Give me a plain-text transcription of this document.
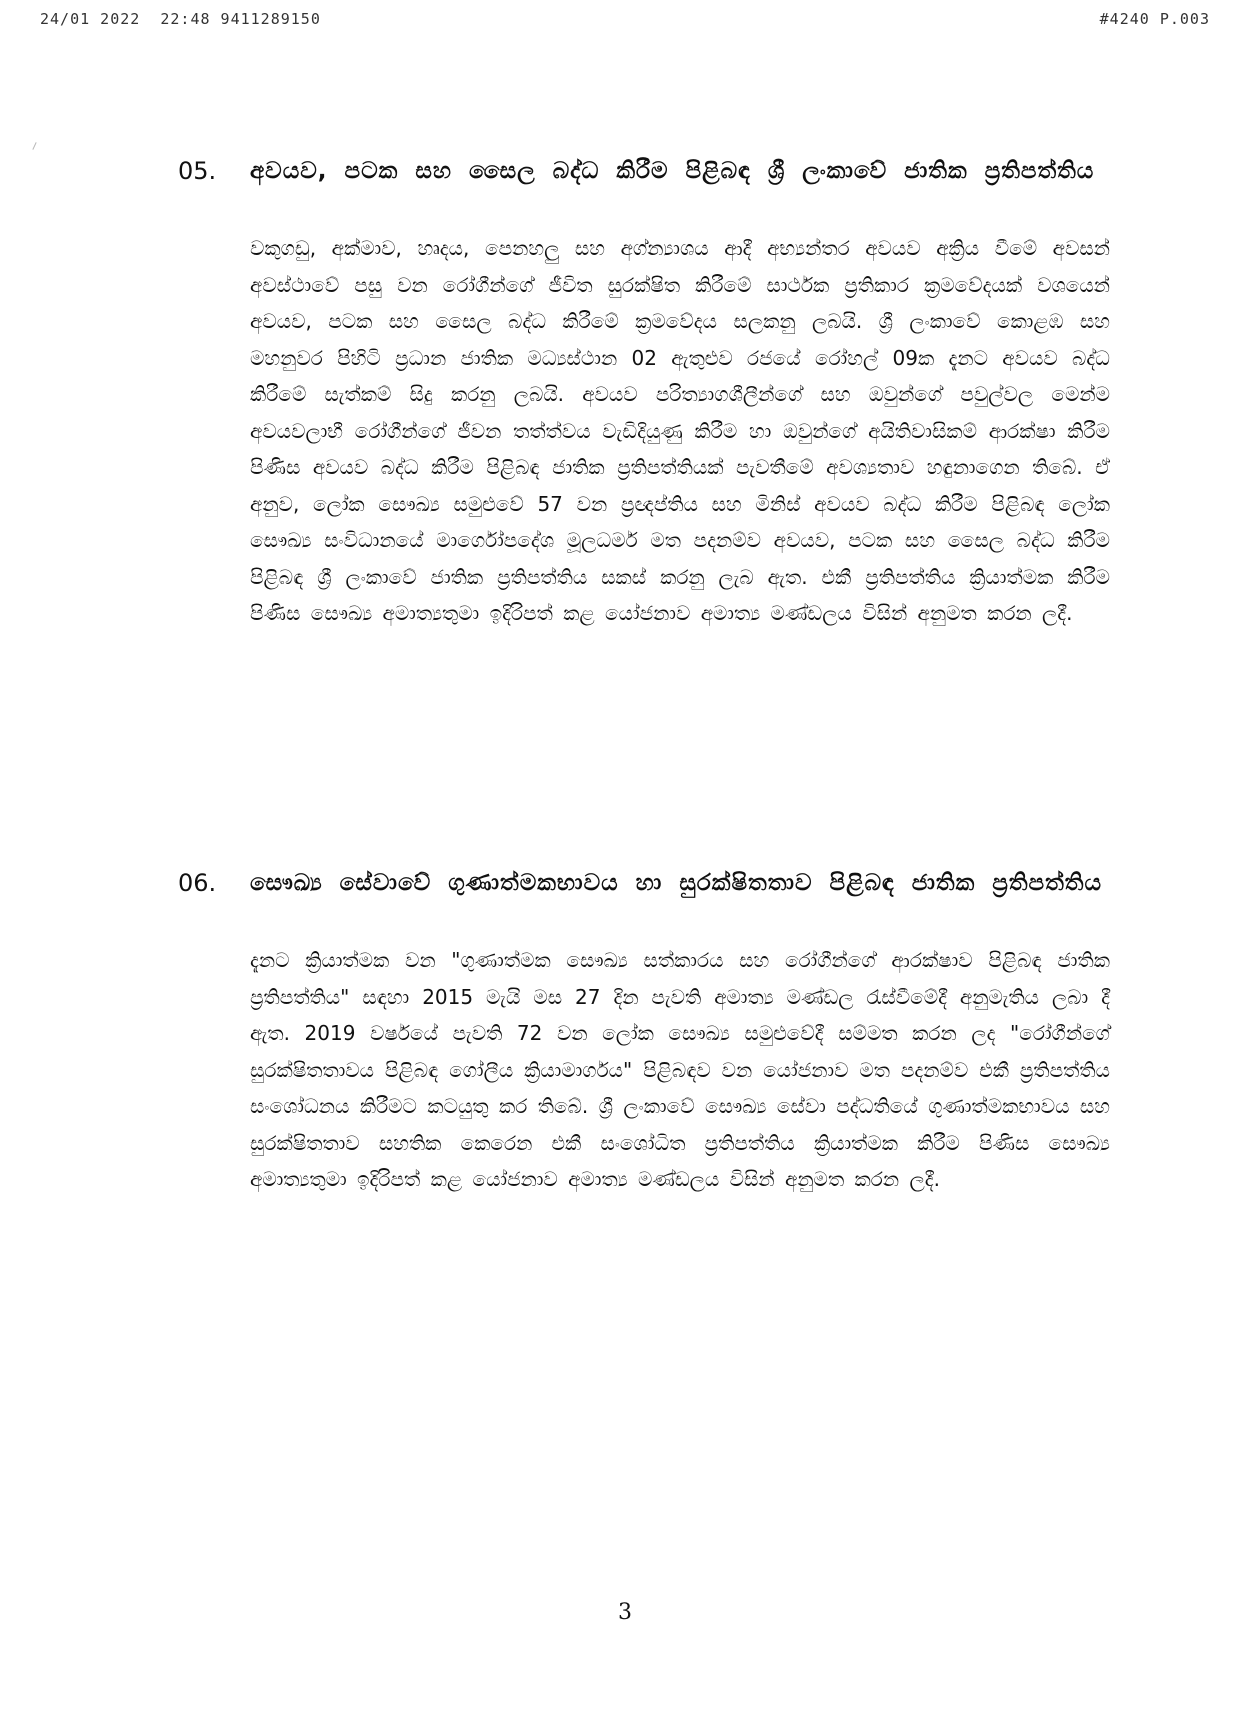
24/01 2022  22:48 9411289150	#4240 P.003
05. අවයව, පටක සහ සෛල බද්ධ කිරීම පිළිබඳ ශ්‍රී ලංකාවේ ජාතික ප්‍රතිපත්තිය
වකුගඩු, අක්මාව, හෘදය, පෙනහලු සහ අග්න්‍යාශය ආදී අභ්‍යන්තර අවයව අක්‍රිය වීමේ අවසන් අවස්ථාවේ පසු වන රෝගීන්ගේ ජීවිත සුරක්ෂිත කිරීමේ සාර්ථක ප්‍රතිකාර ක්‍රමවේදයක් වශයෙන් අවයව, පටක සහ සෛල බද්ධ කිරීමේ ක්‍රමවේදය සලකනු ලබයි. ශ්‍රී ලංකාවේ කොළඹ සහ මහනුවර පිහිටි ප්‍රධාන ජාතික මධ්‍යස්ථාන 02 ඇතුළුව රජයේ රෝහල් 09ක දැනට අවයව බද්ධ කිරීමේ සැත්කම් සිදු කරනු ලබයි. අවයව පරිත්‍යාගශීලීන්ගේ සහ ඔවුන්ගේ පවුල්වල මෙන්ම අවයවලාභී රෝගීන්ගේ ජීවන තත්ත්වය වැඩිදියුණු කිරීම හා ඔවුන්ගේ අයිතිවාසිකම් ආරක්ෂා කිරීම පිණිස අවයව බද්ධ කිරීම පිළිබඳ ජාතික ප්‍රතිපත්තියක් පැවතීමේ අවශ්‍යතාව හඳුනාගෙන තිබේ. ඒ අනුව, ලෝක සෞඛ්‍ය සමුළුවේ 57 වන ප්‍රඥප්තිය සහ මිනිස් අවයව බද්ධ කිරීම පිළිබඳ ලෝක සෞඛ්‍ය සංවිධානයේ මාර්ගෝපදේශ මූලධර්ම මත පදනම්ව අවයව, පටක සහ සෛල බද්ධ කිරීම පිළිබඳ ශ්‍රී ලංකාවේ ජාතික ප්‍රතිපත්තිය සකස් කරනු ලැබ ඇත. එකී ප්‍රතිපත්තිය ක්‍රියාත්මක කිරීම පිණිස සෞඛ්‍ය අමාත්‍යතුමා ඉදිරිපත් කළ යෝජනාව අමාත්‍ය මණ්ඩලය විසින් අනුමත කරන ලදී.
06. සෞඛ්‍ය සේවාවේ ගුණාත්මකභාවය හා සුරක්ෂිතතාව පිළිබඳ ජාතික ප්‍රතිපත්තිය
දැනට ක්‍රියාත්මක වන "ගුණාත්මක සෞඛ්‍ය සත්කාරය සහ රෝගීන්ගේ ආරක්ෂාව පිළිබඳ ජාතික ප්‍රතිපත්තිය" සඳහා 2015 මැයි මස 27 දින පැවති අමාත්‍ය මණ්ඩල රැස්වීමේදී අනුමැතිය ලබා දී ඇත. 2019 වර්ෂයේ පැවති 72 වන ලෝක සෞඛ්‍ය සමුළුවේදී සම්මත කරන ලද "රෝගීන්ගේ සුරක්ෂිතතාවය පිළිබඳ ගෝලීය ක්‍රියාමාර්ගය" පිළිබඳව වන යෝජනාව මත පදනම්ව එකී ප්‍රතිපත්තිය සංශෝධනය කිරීමට කටයුතු කර තිබේ. ශ්‍රී ලංකාවේ සෞඛ්‍ය සේවා පද්ධතියේ ගුණාත්මකභාවය සහ සුරක්ෂිතතාව සහතික කෙරෙන එකී සංශෝධිත ප්‍රතිපත්තිය ක්‍රියාත්මක කිරීම පිණිස සෞඛ්‍ය අමාත්‍යතුමා ඉදිරිපත් කළ යෝජනාව අමාත්‍ය මණ්ඩලය විසින් අනුමත කරන ලදී.
3
